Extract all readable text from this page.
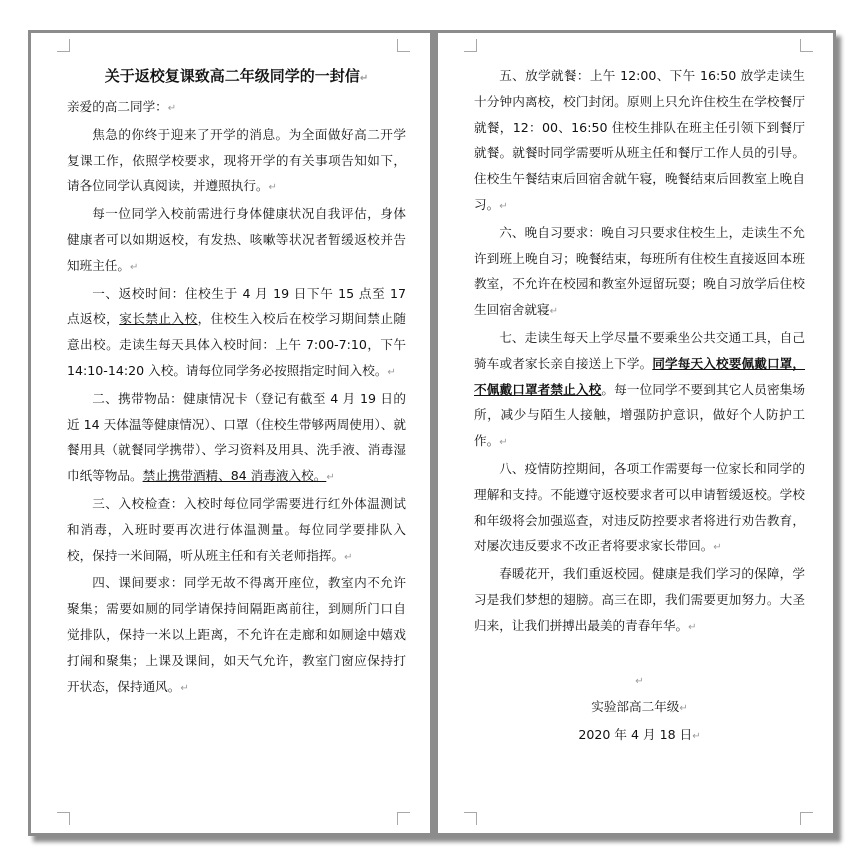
关于返校复课致高二年级同学的一封信↵

亲爱的高二同学：↵

焦急的你终于迎来了开学的消息。为全面做好高二开学复课工作，依照学校要求，现将开学的有关事项告知如下，请各位同学认真阅读，并遵照执行。↵

每一位同学入校前需进行身体健康状况自我评估，身体健康者可以如期返校，有发热、咳嗽等状况者暂缓返校并告知班主任。↵

一、返校时间：住校生于 4 月 19 日下午 15 点至 17 点返校，家长禁止入校，住校生入校后在校学习期间禁止随意出校。走读生每天具体入校时间：上午 7:00-7:10，下午 14:10-14:20 入校。请每位同学务必按照指定时间入校。↵

二、携带物品：健康情况卡（登记有截至 4 月 19 日的近 14 天体温等健康情况）、口罩（住校生带够两周使用）、就餐用具（就餐同学携带）、学习资料及用具、洗手液、消毒湿巾纸等物品。禁止携带酒精、84 消毒液入校。↵

三、入校检查：入校时每位同学需要进行红外体温测试和消毒，入班时要再次进行体温测量。每位同学要排队入校，保持一米间隔，听从班主任和有关老师指挥。↵

四、课间要求：同学无故不得离开座位，教室内不允许聚集；需要如厕的同学请保持间隔距离前往，到厕所门口自觉排队，保持一米以上距离，不允许在走廊和如厕途中嬉戏打闹和聚集；上课及课间，如天气允许，教室门窗应保持打开状态，保持通风。↵

五、放学就餐：上午 12:00、下午 16:50 放学走读生十分钟内离校，校门封闭。原则上只允许住校生在学校餐厅就餐，12：00、16:50 住校生排队在班主任引领下到餐厅就餐。就餐时同学需要听从班主任和餐厅工作人员的引导。住校生午餐结束后回宿舍就午寝，晚餐结束后回教室上晚自习。↵

六、晚自习要求：晚自习只要求住校生上，走读生不允许到班上晚自习；晚餐结束，每班所有住校生直接返回本班教室，不允许在校园和教室外逗留玩耍；晚自习放学后住校生回宿舍就寝↵

七、走读生每天上学尽量不要乘坐公共交通工具，自己骑车或者家长亲自接送上下学。同学每天入校要佩戴口罩，不佩戴口罩者禁止入校。每一位同学不要到其它人员密集场所，减少与陌生人接触，增强防护意识，做好个人防护工作。↵

八、疫情防控期间，各项工作需要每一位家长和同学的理解和支持。不能遵守返校要求者可以申请暂缓返校。学校和年级将会加强巡查，对违反防控要求者将进行劝告教育，对屡次违反要求不改正者将要求家长带回。↵

春暖花开，我们重返校园。健康是我们学习的保障，学习是我们梦想的翅膀。高三在即，我们需要更加努力。大圣归来，让我们拼搏出最美的青春年华。↵

↵

实验部高二年级↵

2020 年 4 月 18 日↵
